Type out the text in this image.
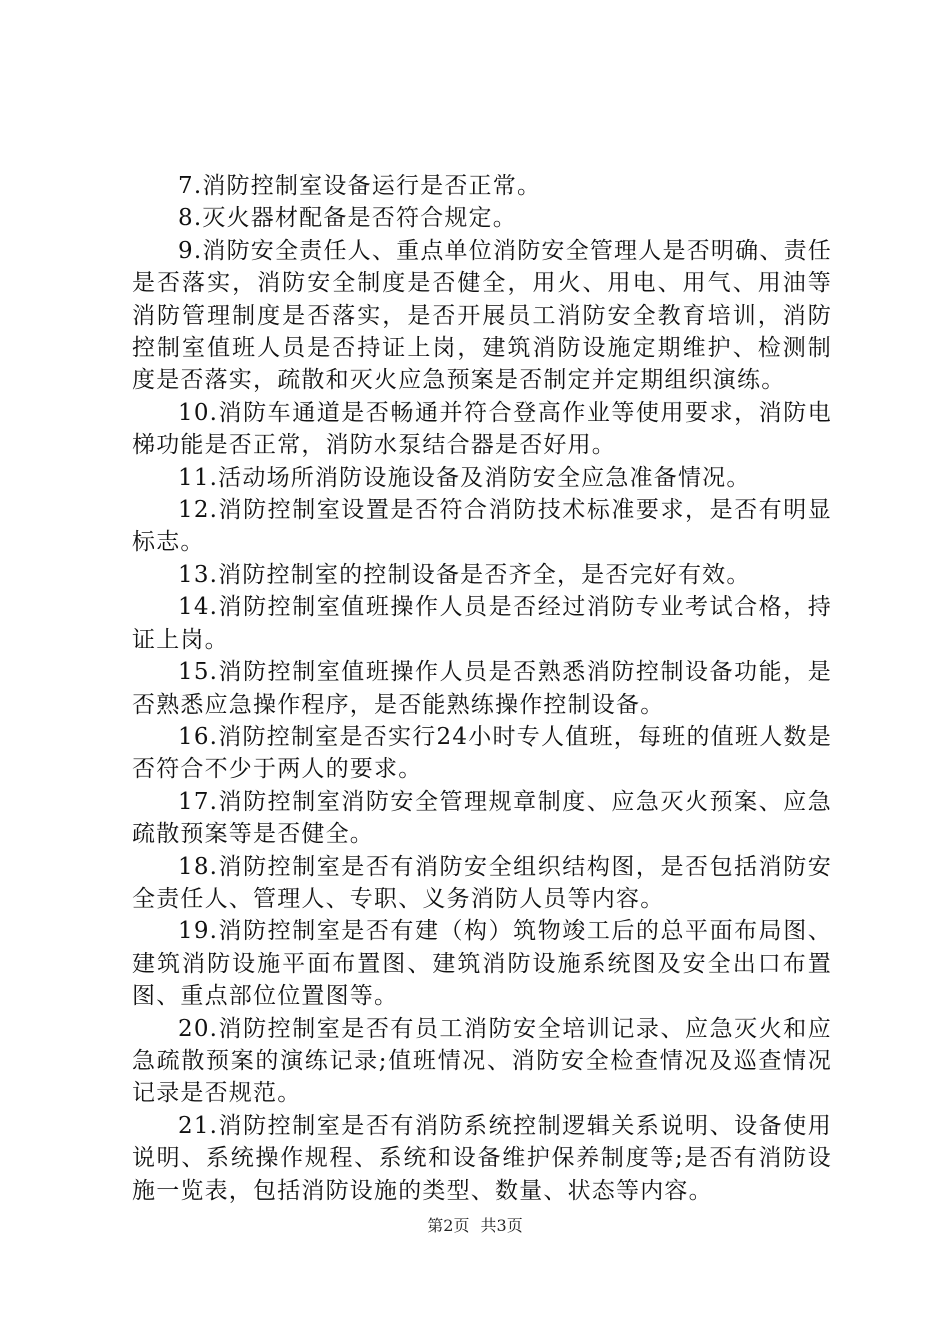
7.消防控制室设备运行是否正常。

8.灭火器材配备是否符合规定。

9.消防安全责任人、重点单位消防安全管理人是否明确、责任是否落实，消防安全制度是否健全，用火、用电、用气、用油等消防管理制度是否落实，是否开展员工消防安全教育培训，消防控制室值班人员是否持证上岗，建筑消防设施定期维护、检测制度是否落实，疏散和灭火应急预案是否制定并定期组织演练。

10.消防车通道是否畅通并符合登高作业等使用要求，消防电梯功能是否正常，消防水泵结合器是否好用。

11.活动场所消防设施设备及消防安全应急准备情况。

12.消防控制室设置是否符合消防技术标准要求，是否有明显标志。

13.消防控制室的控制设备是否齐全，是否完好有效。

14.消防控制室值班操作人员是否经过消防专业考试合格，持证上岗。

15.消防控制室值班操作人员是否熟悉消防控制设备功能，是否熟悉应急操作程序，是否能熟练操作控制设备。

16.消防控制室是否实行24小时专人值班，每班的值班人数是否符合不少于两人的要求。

17.消防控制室消防安全管理规章制度、应急灭火预案、应急疏散预案等是否健全。

18.消防控制室是否有消防安全组织结构图，是否包括消防安全责任人、管理人、专职、义务消防人员等内容。

19.消防控制室是否有建（构）筑物竣工后的总平面布局图、建筑消防设施平面布置图、建筑消防设施系统图及安全出口布置图、重点部位位置图等。

20.消防控制室是否有员工消防安全培训记录、应急灭火和应急疏散预案的演练记录;值班情况、消防安全检查情况及巡查情况记录是否规范。

21.消防控制室是否有消防系统控制逻辑关系说明、设备使用说明、系统操作规程、系统和设备维护保养制度等;是否有消防设施一览表，包括消防设施的类型、数量、状态等内容。

第2页 共3页
